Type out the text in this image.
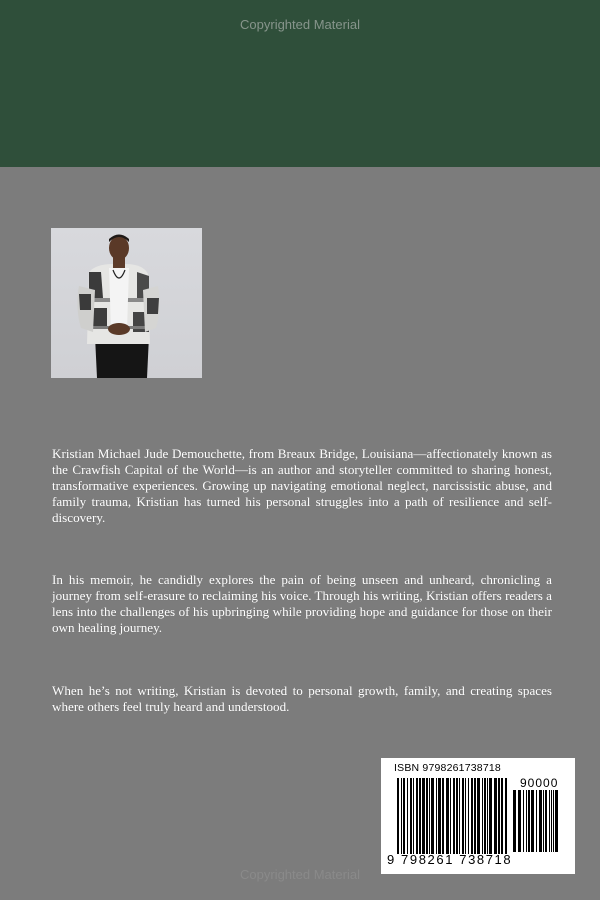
Copyrighted Material

Kristian Michael Jude Demouchette, from Breaux Bridge, Louisiana—affectionately known as the Crawfish Capital of the World—is an author and storyteller committed to sharing honest, transformative experiences. Growing up navigating emotional neglect, narcissistic abuse, and family trauma, Kristian has turned his personal struggles into a path of resilience and self-discovery.

In his memoir, he candidly explores the pain of being unseen and unheard, chronicling a journey from self-erasure to reclaiming his voice. Through his writing, Kristian offers readers a lens into the challenges of his upbringing while providing hope and guidance for those on their own healing journey.

When he’s not writing, Kristian is devoted to personal growth, family, and creating spaces where others feel truly heard and understood.

ISBN 9798261738718
90000
9 798261 738718
Copyrighted Material
